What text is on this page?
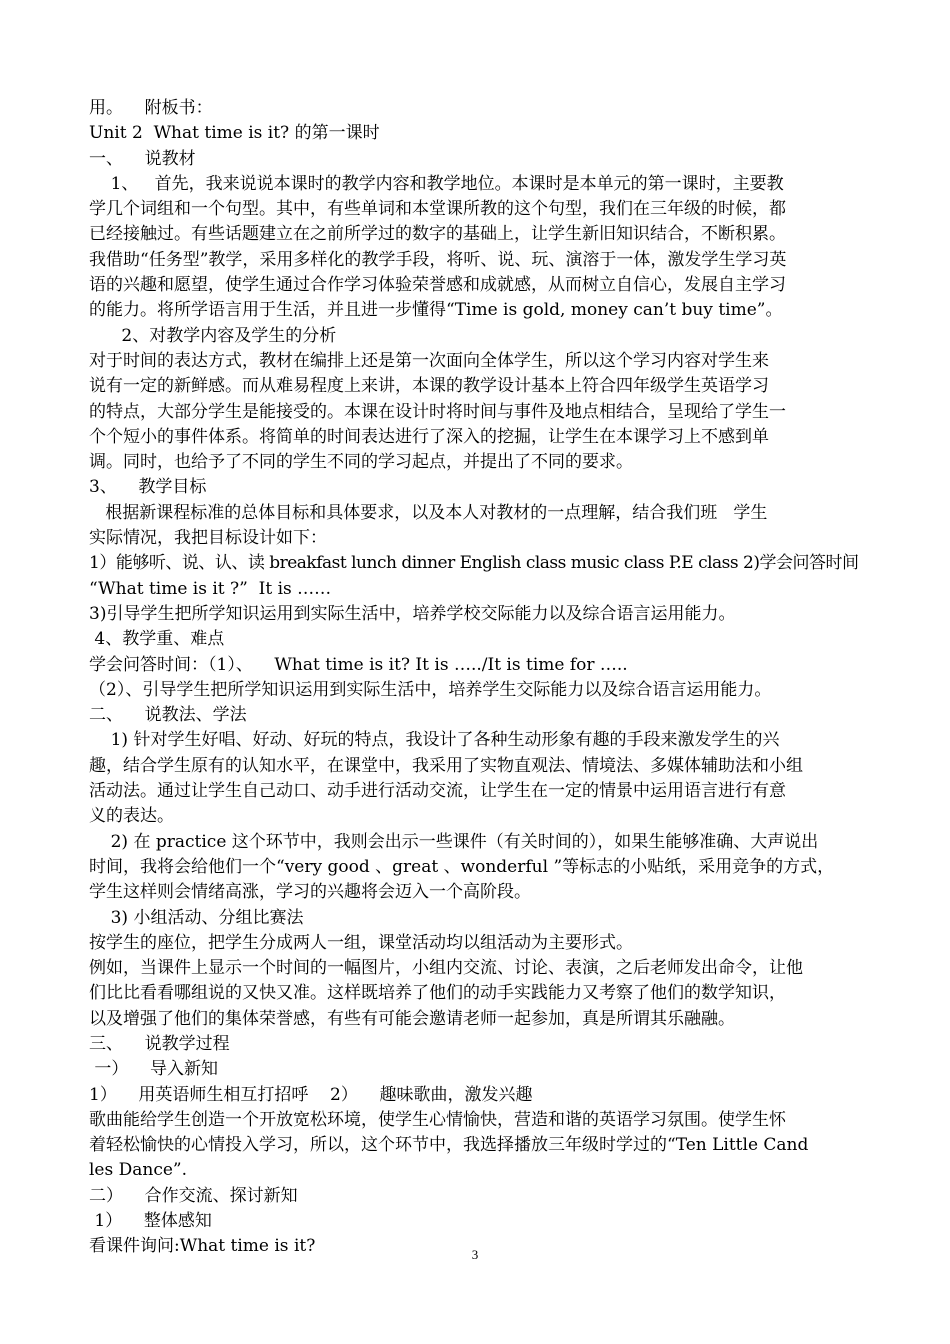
用。    附板书：
Unit 2  What time is it? 的第一课时
一、    说教材
1、   首先，我来说说本课时的教学内容和教学地位。本课时是本单元的第一课时，主要教
学几个词组和一个句型。其中，有些单词和本堂课所教的这个句型，我们在三年级的时候，都
已经接触过。有些话题建立在之前所学过的数字的基础上，让学生新旧知识结合，不断积累。
我借助“任务型”教学，采用多样化的教学手段，将听、说、玩、演溶于一体，激发学生学习英
语的兴趣和愿望，使学生通过合作学习体验荣誉感和成就感，从而树立自信心，发展自主学习
的能力。将所学语言用于生活，并且进一步懂得“Time is gold, money can’t buy time”。
2、对教学内容及学生的分析
对于时间的表达方式，教材在编排上还是第一次面向全体学生，所以这个学习内容对学生来
说有一定的新鲜感。而从难易程度上来讲，本课的教学设计基本上符合四年级学生英语学习
的特点，大部分学生是能接受的。本课在设计时将时间与事件及地点相结合，呈现给了学生一
个个短小的事件体系。将简单的时间表达进行了深入的挖掘，让学生在本课学习上不感到单
调。同时，也给予了不同的学生不同的学习起点，并提出了不同的要求。
3、    教学目标
根据新课程标准的总体目标和具体要求，以及本人对教材的一点理解，结合我们班   学生
实际情况，我把目标设计如下：
1）能够听、说、认、读 breakfast lunch dinner English class music class P.E class 2)学会问答时间
“What time is it ?”  It is ……
3)引导学生把所学知识运用到实际生活中，培养学校交际能力以及综合语言运用能力。
4、教学重、难点
学会问答时间：（1）、    What time is it? It is …../It is time for …..
（2）、引导学生把所学知识运用到实际生活中，培养学生交际能力以及综合语言运用能力。
二、    说教法、学法
1) 针对学生好唱、好动、好玩的特点，我设计了各种生动形象有趣的手段来激发学生的兴
趣，结合学生原有的认知水平，在课堂中，我采用了实物直观法、情境法、多媒体辅助法和小组
活动法。通过让学生自己动口、动手进行活动交流，让学生在一定的情景中运用语言进行有意
义的表达。
2) 在 practice 这个环节中，我则会出示一些课件（有关时间的），如果生能够准确、大声说出
时间，我将会给他们一个“very good 、great 、wonderful ”等标志的小贴纸，采用竞争的方式，
学生这样则会情绪高涨，学习的兴趣将会迈入一个高阶段。
3) 小组活动、分组比赛法
按学生的座位，把学生分成两人一组，课堂活动均以组活动为主要形式。
例如，当课件上显示一个时间的一幅图片，小组内交流、讨论、表演，之后老师发出命令，让他
们比比看看哪组说的又快又准。这样既培养了他们的动手实践能力又考察了他们的数学知识，
以及增强了他们的集体荣誉感，有些有可能会邀请老师一起参加，真是所谓其乐融融。
三、    说教学过程
一）    导入新知
1）    用英语师生相互打招呼    2）    趣味歌曲，激发兴趣
歌曲能给学生创造一个开放宽松环境，使学生心情愉快，营造和谐的英语学习氛围。使学生怀
着轻松愉快的心情投入学习，所以，这个环节中，我选择播放三年级时学过的“Ten Little Cand
les Dance”.
二）    合作交流、探讨新知
1）    整体感知
看课件询问:What time is it?	3
